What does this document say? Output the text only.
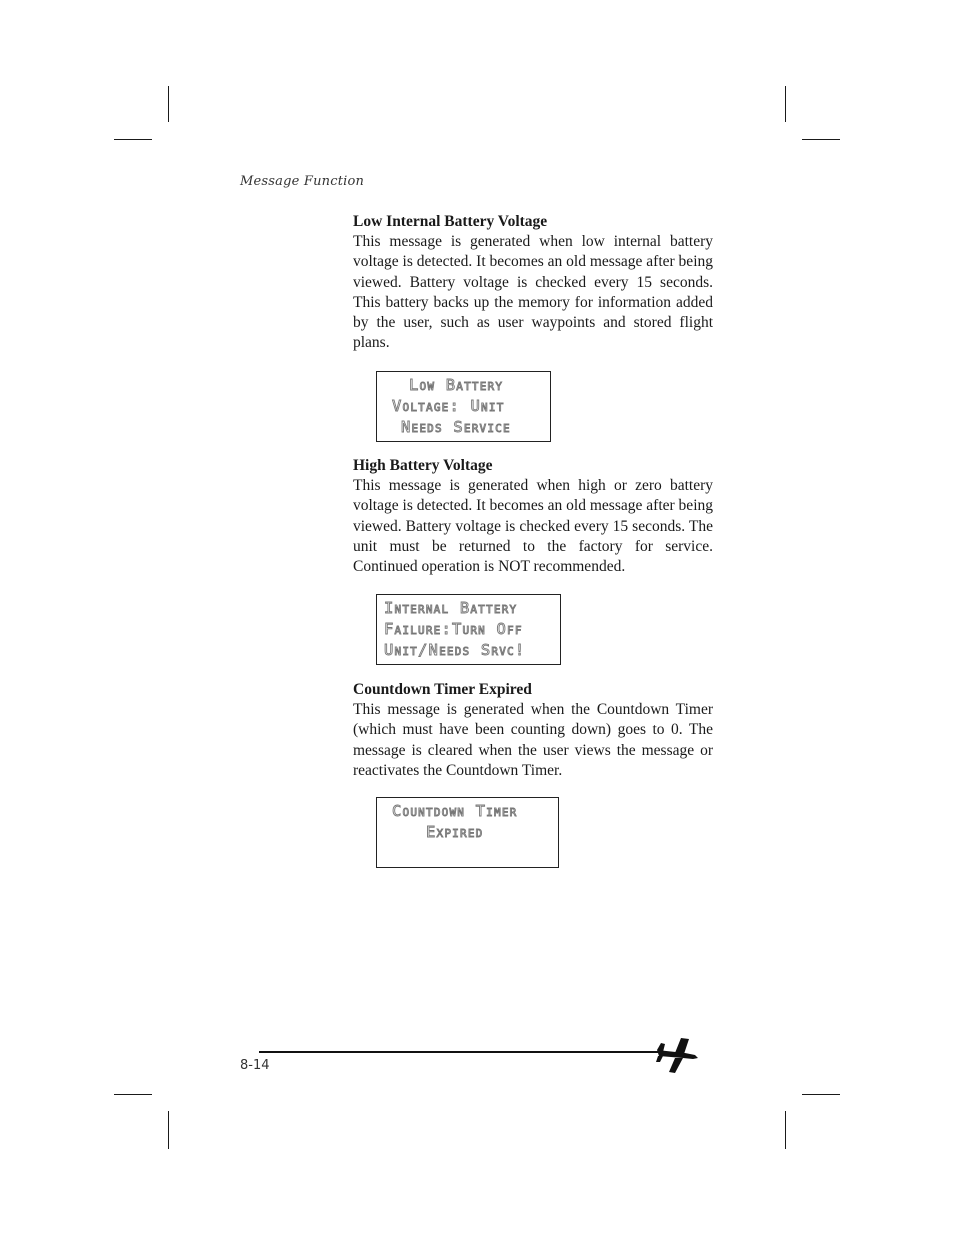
Message Function

Low Internal Battery Voltage

This message is generated when low internal battery voltage is detected. It becomes an old message after being viewed. Battery voltage is checked every 15 seconds. This battery backs up the memory for information added by the user, such as user waypoints and stored flight plans.

Low Battery
Voltage: Unit
Needs Service

High Battery Voltage

This message is generated when high or zero battery voltage is detected. It becomes an old message after being viewed. Battery voltage is checked every 15 seconds. The unit must be returned to the factory for service. Continued operation is NOT recommended.

Internal Battery
Failure:Turn Off
Unit/Needs Srvc!

Countdown Timer Expired

This message is generated when the Countdown Timer (which must have been counting down) goes to 0. The message is cleared when the user views the message or reactivates the Countdown Timer.

Countdown Timer
Expired
8-14
